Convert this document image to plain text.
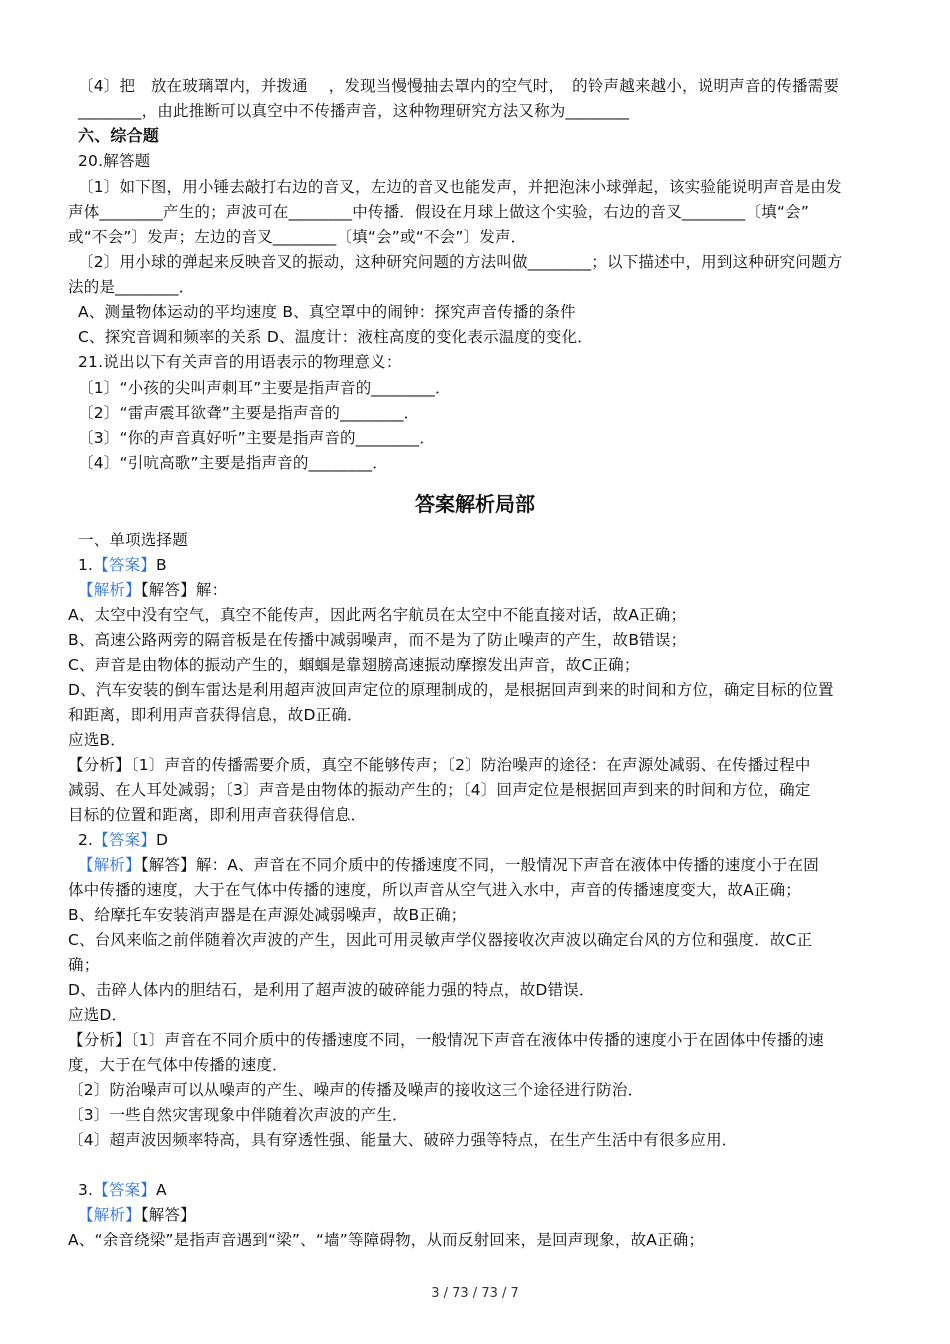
〔4〕把　放在玻璃罩内，并拨通　 ，发现当慢慢抽去罩内的空气时，　的铃声越来越小，说明声音的传播需要
________，由此推断可以真空中不传播声音，这种物理研究方法又称为________
六、综合题
20.解答题
〔1〕如下图，用小锤去敲打右边的音叉，左边的音叉也能发声，并把泡沫小球弹起，该实验能说明声音是由发
声体________产生的；声波可在________中传播．假设在月球上做这个实验，右边的音叉________〔填“会”
或“不会”〕发声；左边的音叉________〔填“会”或“不会”〕发声．
〔2〕用小球的弹起来反映音叉的振动，这种研究问题的方法叫做________；以下描述中，用到这种研究问题方
法的是________．
A、测量物体运动的平均速度 B、真空罩中的闹钟：探究声音传播的条件
C、探究音调和频率的关系 D、温度计：液柱高度的变化表示温度的变化．
21.说出以下有关声音的用语表示的物理意义：
〔1〕“小孩的尖叫声刺耳”主要是指声音的________．
〔2〕“雷声震耳欲聋”主要是指声音的________．
〔3〕“你的声音真好听”主要是指声音的________．
〔4〕“引吭高歌”主要是指声音的________．
答案解析局部
一、单项选择题
1.【答案】B
【解析】【解答】解：
A、太空中没有空气，真空不能传声，因此两名宇航员在太空中不能直接对话，故A正确；
B、高速公路两旁的隔音板是在传播中减弱噪声，而不是为了防止噪声的产生，故B错误；
C、声音是由物体的振动产生的，蝈蝈是靠翅膀高速振动摩擦发出声音，故C正确；
D、汽车安装的倒车雷达是利用超声波回声定位的原理制成的，是根据回声到来的时间和方位，确定目标的位置
和距离，即利用声音获得信息，故D正确．
应选B．
【分析】〔1〕声音的传播需要介质，真空不能够传声；〔2〕防治噪声的途径：在声源处减弱、在传播过程中
减弱、在人耳处减弱；〔3〕声音是由物体的振动产生的；〔4〕回声定位是根据回声到来的时间和方位，确定
目标的位置和距离，即利用声音获得信息．
2.【答案】D
【解析】【解答】解：A、声音在不同介质中的传播速度不同，一般情况下声音在液体中传播的速度小于在固
体中传播的速度，大于在气体中传播的速度，所以声音从空气进入水中，声音的传播速度变大，故A正确；
B、给摩托车安装消声器是在声源处减弱噪声，故B正确；
C、台风来临之前伴随着次声波的产生，因此可用灵敏声学仪器接收次声波以确定台风的方位和强度．故C正
确；
D、击碎人体内的胆结石，是利用了超声波的破碎能力强的特点，故D错误．
应选D．
【分析】〔1〕声音在不同介质中的传播速度不同，一般情况下声音在液体中传播的速度小于在固体中传播的速
度，大于在气体中传播的速度．
〔2〕防治噪声可以从噪声的产生、噪声的传播及噪声的接收这三个途径进行防治．
〔3〕一些自然灾害现象中伴随着次声波的产生．
〔4〕超声波因频率特高，具有穿透性强、能量大、破碎力强等特点，在生产生活中有很多应用．
3.【答案】A
【解析】【解答】
A、“余音绕梁”是指声音遇到“梁”、“墙”等障碍物，从而反射回来，是回声现象，故A正确；
3 / 73 / 73 / 7
